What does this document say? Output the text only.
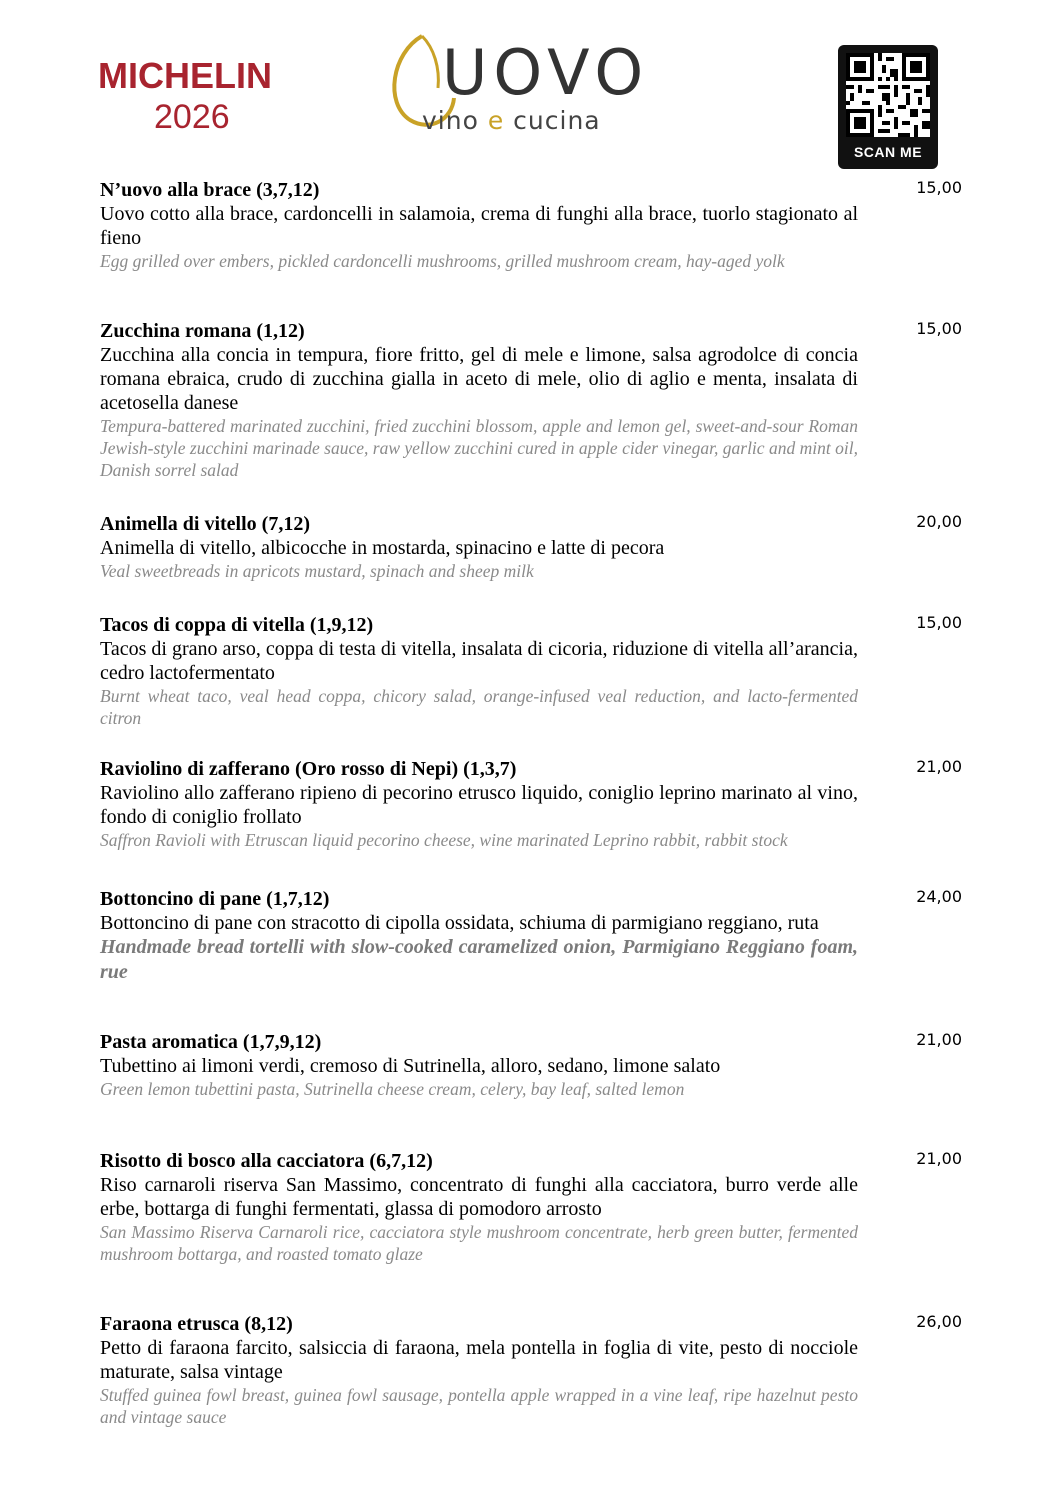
MICHELIN
2026
UOVO
vino e cucina
SCAN ME
N’uovo alla brace (3,7,12)	15,00
Uovo cotto alla brace, cardoncelli in salamoia, crema di funghi alla brace, tuorlo stagionato al fieno
Egg grilled over embers, pickled cardoncelli mushrooms, grilled mushroom cream, hay-aged yolk
Zucchina romana (1,12)	15,00
Zucchina alla concia in tempura, fiore fritto, gel di mele e limone, salsa agrodolce di concia romana ebraica, crudo di zucchina gialla in aceto di mele, olio di aglio e menta, insalata di acetosella danese
Tempura-battered marinated zucchini, fried zucchini blossom, apple and lemon gel, sweet-and-sour Roman Jewish-style zucchini marinade sauce, raw yellow zucchini cured in apple cider vinegar, garlic and mint oil, Danish sorrel salad
Animella di vitello (7,12)	20,00
Animella di vitello, albicocche in mostarda, spinacino e latte di pecora
Veal sweetbreads in apricots mustard, spinach and sheep milk
Tacos di coppa di vitella (1,9,12)	15,00
Tacos di grano arso, coppa di testa di vitella, insalata di cicoria, riduzione di vitella all’arancia, cedro lactofermentato
Burnt wheat taco, veal head coppa, chicory salad, orange-infused veal reduction, and lacto-fermented citron
Raviolino di zafferano (Oro rosso di Nepi) (1,3,7)	21,00
Raviolino allo zafferano ripieno di pecorino etrusco liquido, coniglio leprino marinato al vino, fondo di coniglio frollato
Saffron Ravioli with Etruscan liquid pecorino cheese, wine marinated Leprino rabbit, rabbit stock
Bottoncino di pane (1,7,12)	24,00
Bottoncino di pane con stracotto di cipolla ossidata, schiuma di parmigiano reggiano, ruta
Handmade bread tortelli with slow-cooked caramelized onion, Parmigiano Reggiano foam, rue
Pasta aromatica (1,7,9,12)	21,00
Tubettino ai limoni verdi, cremoso di Sutrinella, alloro, sedano, limone salato
Green lemon tubettini pasta, Sutrinella cheese cream, celery, bay leaf, salted lemon
Risotto di bosco alla cacciatora (6,7,12)	21,00
Riso carnaroli riserva San Massimo, concentrato di funghi alla cacciatora, burro verde alle erbe, bottarga di funghi fermentati, glassa di pomodoro arrosto
San Massimo Riserva Carnaroli rice, cacciatora style mushroom concentrate, herb green butter, fermented mushroom bottarga, and roasted tomato glaze
Faraona etrusca (8,12)	26,00
Petto di faraona farcito, salsiccia di faraona, mela pontella in foglia di vite, pesto di nocciole maturate, salsa vintage
Stuffed guinea fowl breast, guinea fowl sausage, pontella apple wrapped in a vine leaf, ripe hazelnut pesto and vintage sauce
